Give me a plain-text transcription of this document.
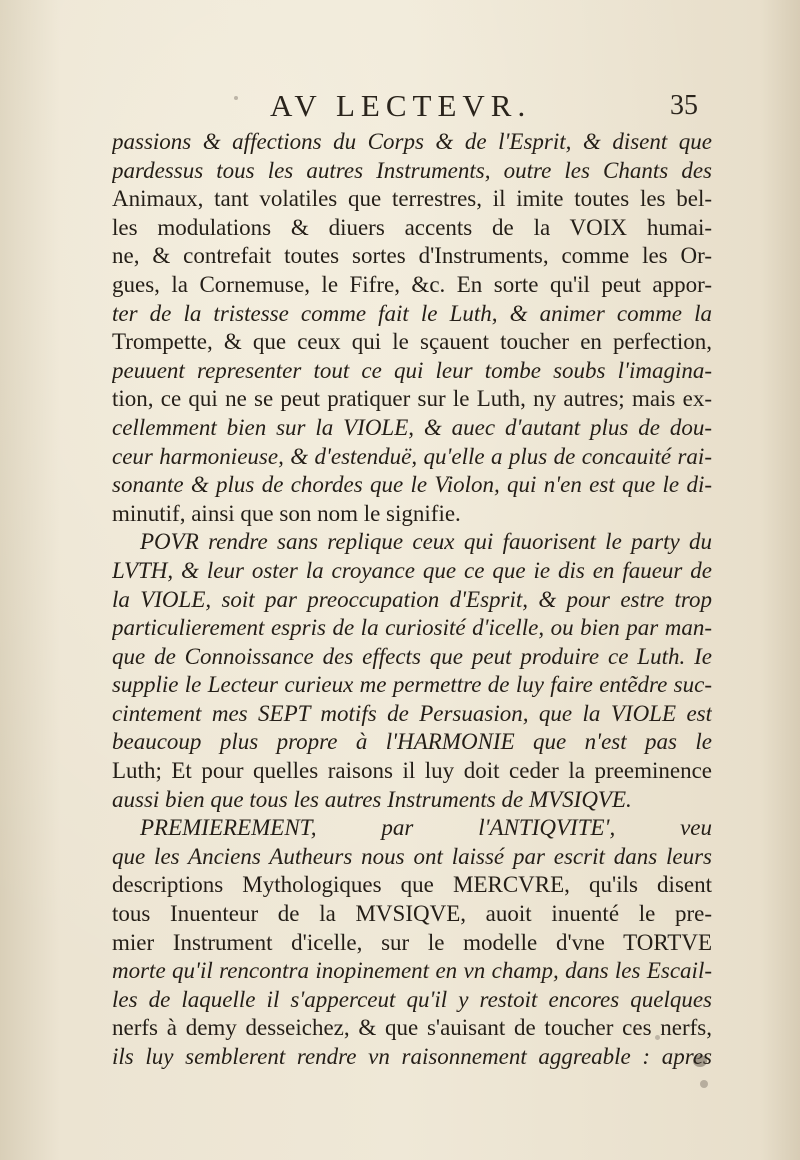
AV LECTEVR.	35
passions & affections du Corps & de l'Esprit, & disent que
pardessus tous les autres Instruments, outre les Chants des
Animaux, tant volatiles que terrestres, il imite toutes les bel-
les modulations & diuers accents de la VOIX humai-
ne, & contrefait toutes sortes d'Instruments, comme les Or-
gues, la Cornemuse, le Fifre, &c. En sorte qu'il peut appor-
ter de la tristesse comme fait le Luth, & animer comme la
Trompette, & que ceux qui le sçauent toucher en perfection,
peuuent representer tout ce qui leur tombe soubs l'imagina-
tion, ce qui ne se peut pratiquer sur le Luth, ny autres; mais ex-
cellemment bien sur la VIOLE, & auec d'autant plus de dou-
ceur harmonieuse, & d'estenduë, qu'elle a plus de concauité rai-
sonante & plus de chordes que le Violon, qui n'en est que le di-
minutif, ainsi que son nom le signifie.
POVR rendre sans replique ceux qui fauorisent le party du
LVTH, & leur oster la croyance que ce que ie dis en faueur de
la VIOLE, soit par preoccupation d'Esprit, & pour estre trop
particulierement espris de la curiosité d'icelle, ou bien par man-
que de Connoissance des effects que peut produire ce Luth. Ie
supplie le Lecteur curieux me permettre de luy faire entẽdre suc-
cintement mes SEPT motifs de Persuasion, que la VIOLE est
beaucoup plus propre à l'HARMONIE que n'est pas le
Luth; Et pour quelles raisons il luy doit ceder la preeminence
aussi bien que tous les autres Instruments de MVSIQVE.
PREMIEREMENT, par l'ANTIQVITE', veu
que les Anciens Autheurs nous ont laissé par escrit dans leurs
descriptions Mythologiques que MERCVRE, qu'ils disent
tous Inuenteur de la MVSIQVE, auoit inuenté le pre-
mier Instrument d'icelle, sur le modelle d'vne TORTVE
morte qu'il rencontra inopinement en vn champ, dans les Escail-
les de laquelle il s'apperceut qu'il y restoit encores quelques
nerfs à demy desseichez, & que s'auisant de toucher ces nerfs,
ils luy semblerent rendre vn raisonnement aggreable : apres
